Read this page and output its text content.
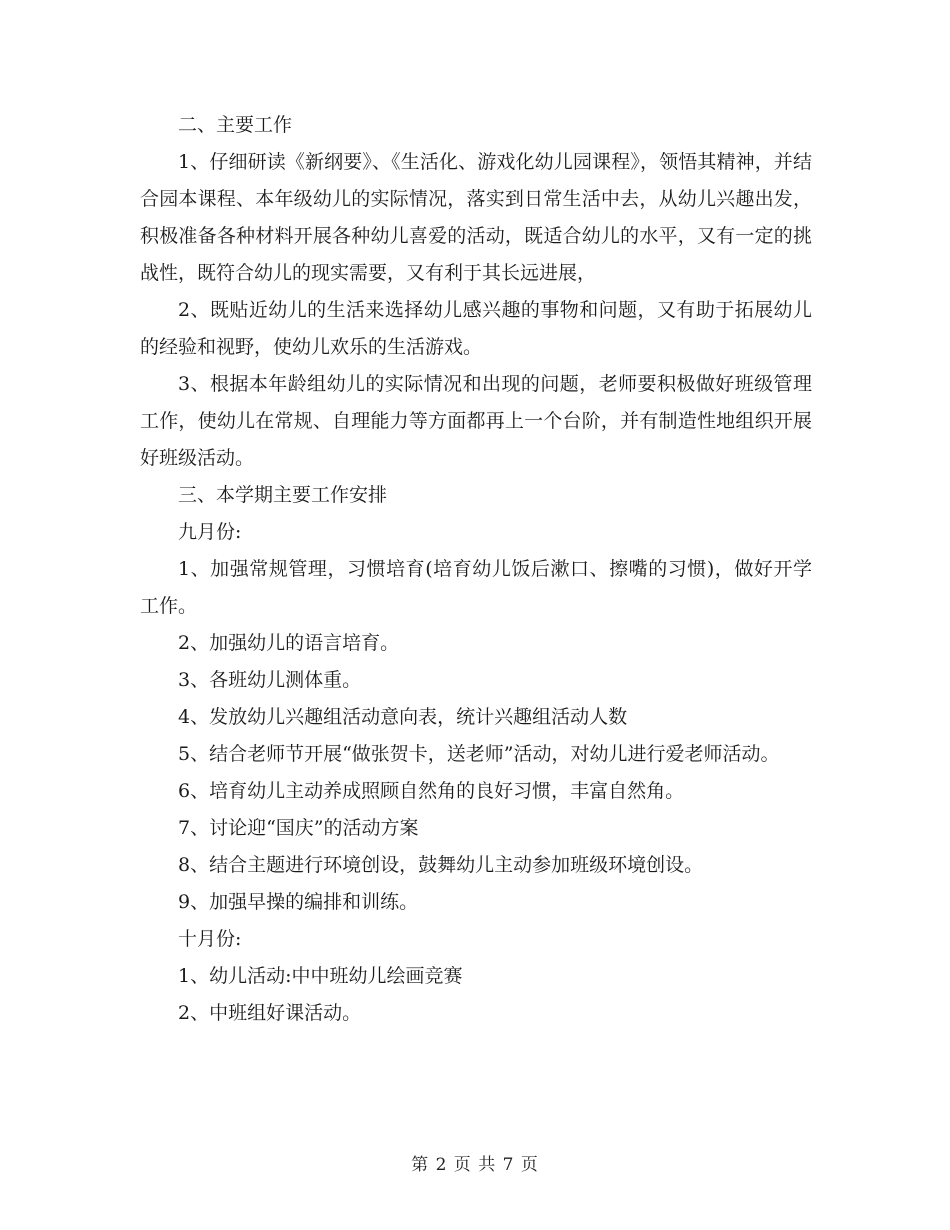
二、主要工作

1、仔细研读《新纲要》、《生活化、游戏化幼儿园课程》，领悟其精神，并结合园本课程、本年级幼儿的实际情况，落实到日常生活中去，从幼儿兴趣出发，积极准备各种材料开展各种幼儿喜爱的活动，既适合幼儿的水平，又有一定的挑战性，既符合幼儿的现实需要，又有利于其长远进展，

2、既贴近幼儿的生活来选择幼儿感兴趣的事物和问题，又有助于拓展幼儿的经验和视野，使幼儿欢乐的生活游戏。

3、根据本年龄组幼儿的实际情况和出现的问题，老师要积极做好班级管理工作，使幼儿在常规、自理能力等方面都再上一个台阶，并有制造性地组织开展好班级活动。

三、本学期主要工作安排

九月份:

1、加强常规管理，习惯培育(培育幼儿饭后漱口、擦嘴的习惯)，做好开学工作。

2、加强幼儿的语言培育。

3、各班幼儿测体重。

4、发放幼儿兴趣组活动意向表，统计兴趣组活动人数

5、结合老师节开展“做张贺卡，送老师”活动，对幼儿进行爱老师活动。

6、培育幼儿主动养成照顾自然角的良好习惯，丰富自然角。

7、讨论迎“国庆”的活动方案

8、结合主题进行环境创设，鼓舞幼儿主动参加班级环境创设。

9、加强早操的编排和训练。

十月份:

1、幼儿活动:中中班幼儿绘画竞赛

2、中班组好课活动。

第 2 页 共 7 页
